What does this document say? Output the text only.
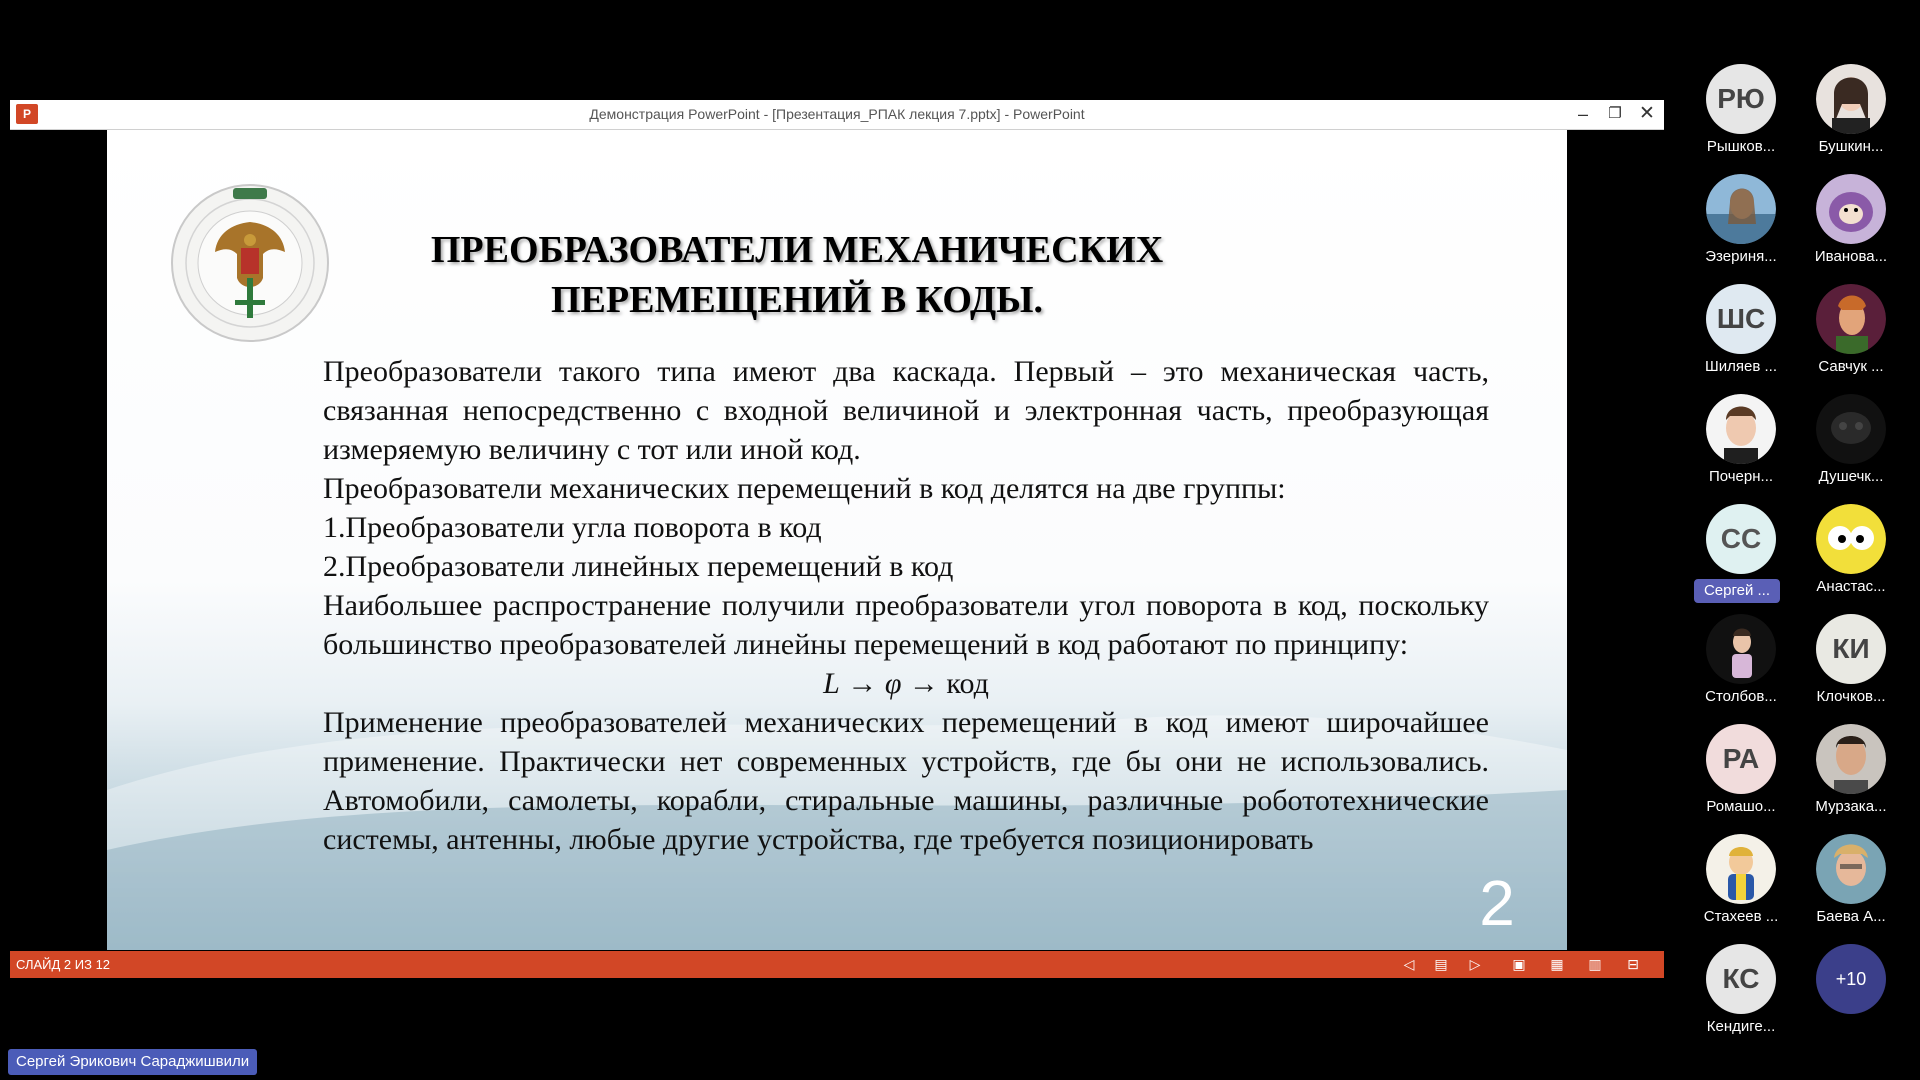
P	Демонстрация PowerPoint - [Презентация_РПАК лекция 7.pptx] - PowerPoint	–	❐ ✕
ПРЕОБРАЗОВАТЕЛИ МЕХАНИЧЕСКИХ
ПЕРЕМЕЩЕНИЙ В КОДЫ.

Преобразователи такого типа имеют два каскада. Первый – это механическая часть, связанная непосредственно с входной величиной и электронная часть, преобразующая измеряемую величину с тот или иной код.

Преобразователи механических перемещений в код делятся на две группы:

1.Преобразователи угла поворота в код

2.Преобразователи линейных перемещений в код

Наибольшее распространение получили преобразователи угол поворота в код, поскольку большинство преобразователей линейны перемещений в код работают по принципу:

L → φ → код

Применение преобразователей механических перемещений в код имеют широчайшее применение. Практически нет современных устройств, где бы они не использовались. Автомобили, самолеты, корабли, стиральные машины, различные робототехнические системы, антенны, любые другие устройства, где требуется позиционировать

2
СЛАЙД 2 ИЗ 12	◁ ▤ ▷ ▣ ▦ ▥ ⊟
РЮ
Рышков...	Бушкин...
Эзериня...	Иванова...
ШС
Шиляев ...	Савчук ...
Почерн...	Душечк...
СС
Сергей ...	Анастас...
Столбов...
КИ
Клочков...
РА
Ромашо...	Мурзака...
Стахеев ...	Баева А...
КС
Кендиге...
+10
Сергей Эрикович Сараджишвили
